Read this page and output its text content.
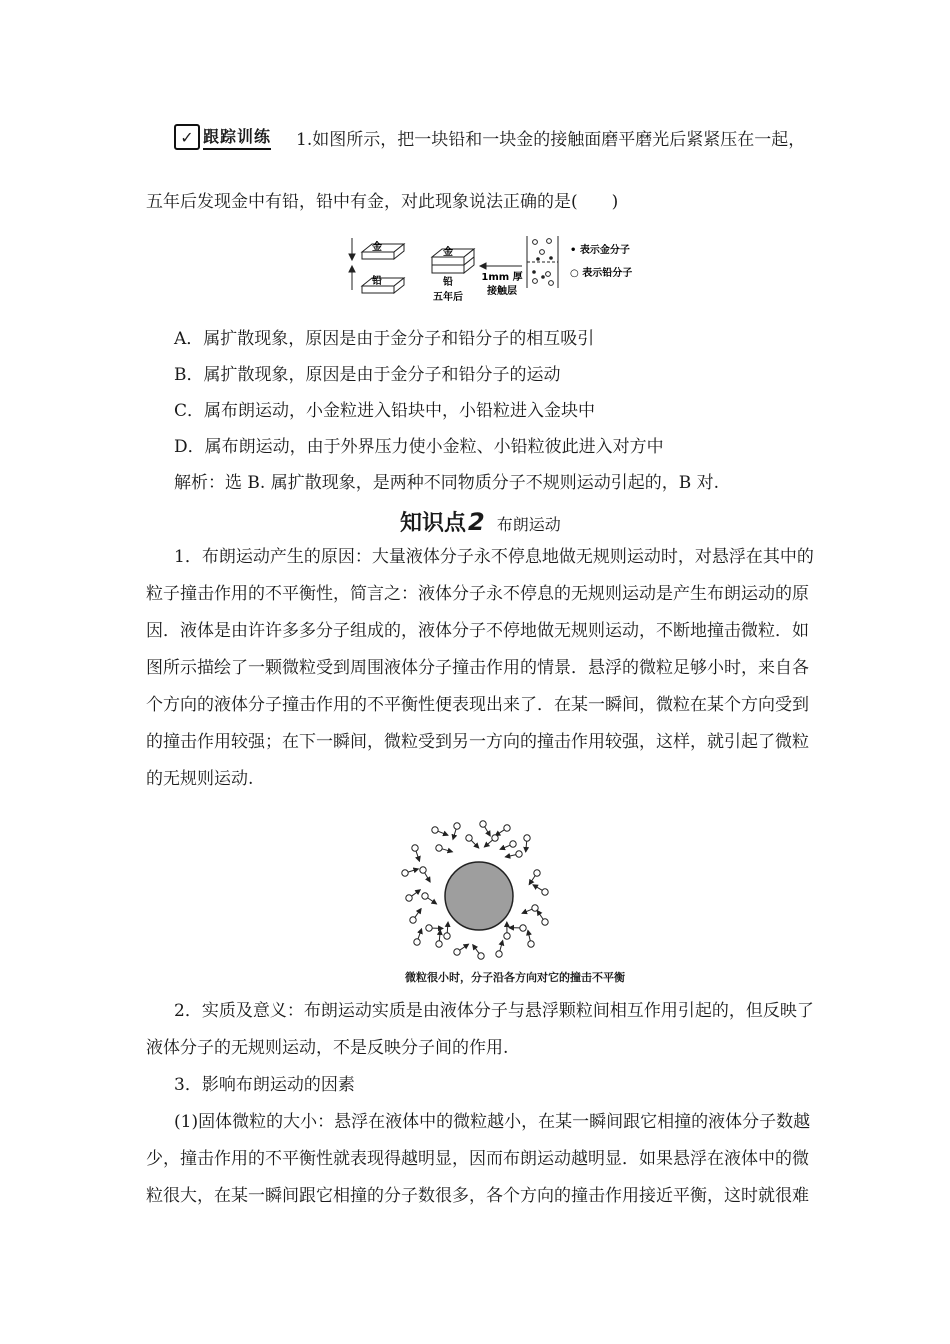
✓ 跟踪训练 1.如图所示，把一块铅和一块金的接触面磨平磨光后紧紧压在一起，
五年后发现金中有铅，铅中有金，对此现象说法正确的是(　　)
金
铅
金
铅
五年后
1mm 厚
接触层
• 表示金分子
○ 表示铅分子
A．属扩散现象，原因是由于金分子和铅分子的相互吸引
B．属扩散现象，原因是由于金分子和铅分子的运动
C．属布朗运动，小金粒进入铅块中，小铅粒进入金块中
D．属布朗运动，由于外界压力使小金粒、小铅粒彼此进入对方中
解析：选 B. 属扩散现象，是两种不同物质分子不规则运动引起的，B 对.
知识点 2 布朗运动
1．布朗运动产生的原因：大量液体分子永不停息地做无规则运动时，对悬浮在其中的
粒子撞击作用的不平衡性，简言之：液体分子永不停息的无规则运动是产生布朗运动的原
因．液体是由许许多多分子组成的，液体分子不停地做无规则运动，不断地撞击微粒．如
图所示描绘了一颗微粒受到周围液体分子撞击作用的情景．悬浮的微粒足够小时，来自各
个方向的液体分子撞击作用的不平衡性便表现出来了．在某一瞬间，微粒在某个方向受到
的撞击作用较强；在下一瞬间，微粒受到另一方向的撞击作用较强，这样，就引起了微粒
的无规则运动.
微粒很小时，分子沿各方向对它的撞击不平衡
2．实质及意义：布朗运动实质是由液体分子与悬浮颗粒间相互作用引起的，但反映了
液体分子的无规则运动，不是反映分子间的作用.
3．影响布朗运动的因素
(1)固体微粒的大小：悬浮在液体中的微粒越小，在某一瞬间跟它相撞的液体分子数越
少，撞击作用的不平衡性就表现得越明显，因而布朗运动越明显．如果悬浮在液体中的微
粒很大，在某一瞬间跟它相撞的分子数很多，各个方向的撞击作用接近平衡，这时就很难
